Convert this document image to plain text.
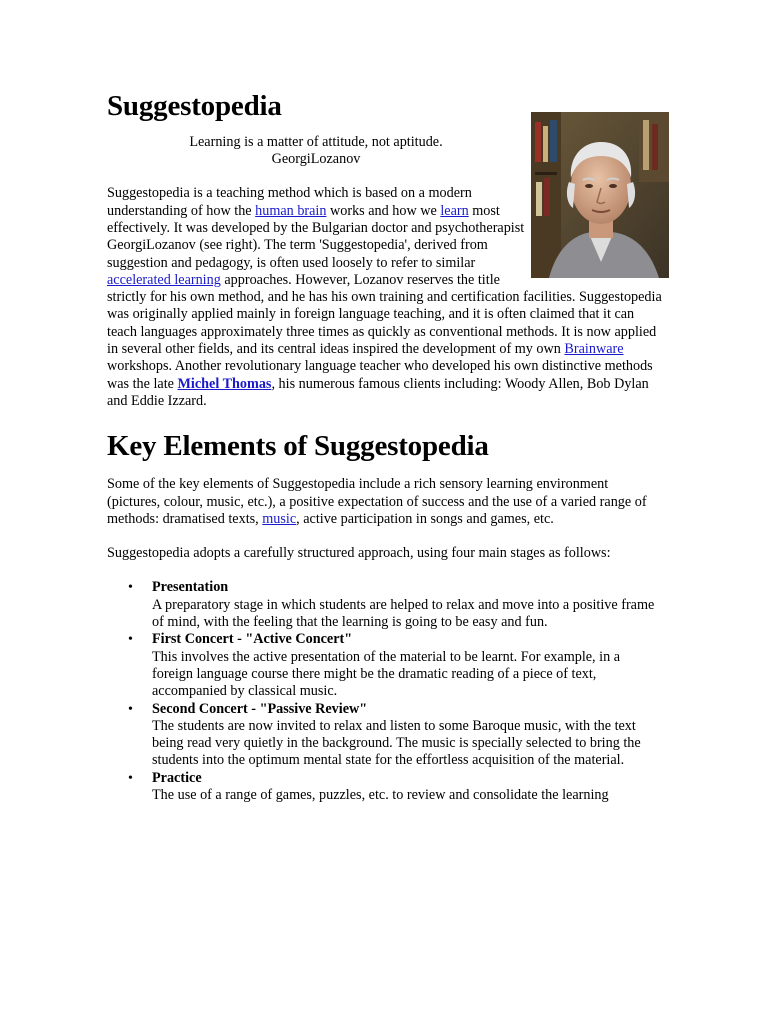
Suggestopedia
Learning is a matter of attitude, not aptitude.
GeorgiLozanov

Suggestopedia is a teaching method which is based on a modern understanding of how the human brain works and how we learn most effectively. It was developed by the Bulgarian doctor and psychotherapist GeorgiLozanov (see right). The term 'Suggestopedia', derived from suggestion and pedagogy, is often used loosely to refer to similar accelerated learning approaches. However, Lozanov reserves the title strictly for his own method, and he has his own training and certification facilities. Suggestopedia was originally applied mainly in foreign language teaching, and it is often claimed that it can teach languages approximately three times as quickly as conventional methods. It is now applied in several other fields, and its central ideas inspired the development of my own Brainware workshops. Another revolutionary language teacher who developed his own distinctive methods was the late Michel Thomas, his numerous famous clients including: Woody Allen, Bob Dylan and Eddie Izzard.

Key Elements of Suggestopedia

Some of the key elements of Suggestopedia include a rich sensory learning environment (pictures, colour, music, etc.), a positive expectation of success and the use of a varied range of methods: dramatised texts, music, active participation in songs and games, etc.

Suggestopedia adopts a carefully structured approach, using four main stages as follows:

• Presentation
A preparatory stage in which students are helped to relax and move into a positive frame of mind, with the feeling that the learning is going to be easy and fun.
• First Concert - "Active Concert"
This involves the active presentation of the material to be learnt. For example, in a foreign language course there might be the dramatic reading of a piece of text, accompanied by classical music.
• Second Concert - "Passive Review"
The students are now invited to relax and listen to some Baroque music, with the text being read very quietly in the background. The music is specially selected to bring the students into the optimum mental state for the effortless acquisition of the material.
• Practice
The use of a range of games, puzzles, etc. to review and consolidate the learning
